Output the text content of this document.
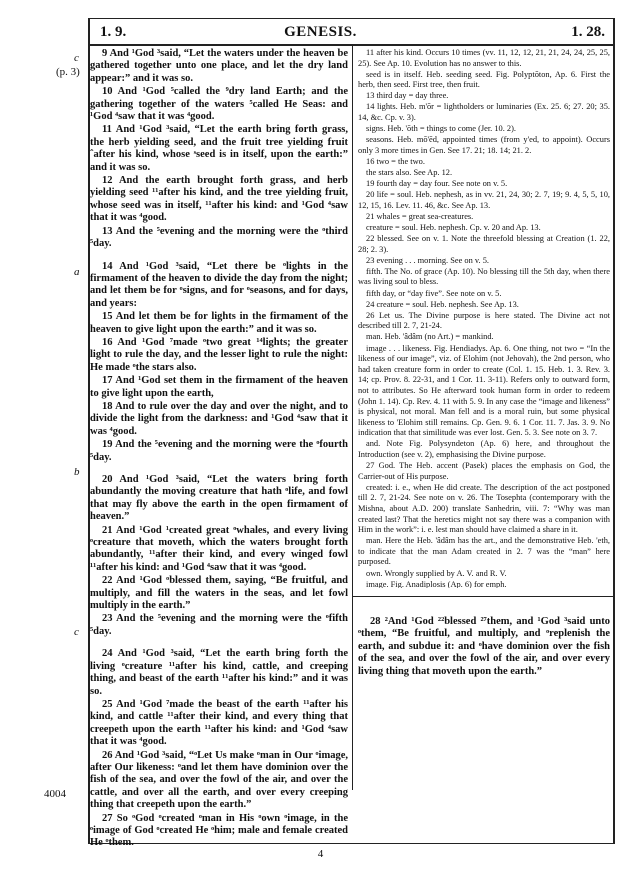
1. 9.	GENESIS.	1. 28.
c
(p. 3)
a
b
c
4004

9 And ¹God ³said, “Let the waters under the heaven be gathered together unto one place, and let the dry land appear:” and it was so.

10 And ¹God ⁵called the ⁹dry land Earth; and the gathering together of the waters ⁵called He Seas: and ¹God ⁴saw that it was ⁴good.

11 And ¹God ³said, “Let the earth bring forth grass, the herb yielding seed, and the fruit tree yielding fruit ˆafter his kind, whose ˢseed is in itself, upon the earth:” and it was so.

12 And the earth brought forth grass, and herb yielding seed ¹¹after his kind, and the tree yielding fruit, whose seed was in itself, ¹¹after his kind: and ¹God ⁴saw that it was ⁴good.

13 And the ⁵evening and the morning were the ᵒthird ⁵day.

14 And ¹God ³said, “Let there be ᵒlights in the firmament of the heaven to divide the day from the night; and let them be for ᵒsigns, and for ᵒseasons, and for days, and years:

15 And let them be for lights in the firmament of the heaven to give light upon the earth:” and it was so.

16 And ¹God ⁷made ᵒtwo great ¹⁴lights; the greater light to rule the day, and the lesser light to rule the night: He made ᵒthe stars also.

17 And ¹God set them in the firmament of the heaven to give light upon the earth,

18 And to rule over the day and over the night, and to divide the light from the darkness: and ¹God ⁴saw that it was ⁴good.

19 And the ⁵evening and the morning were the ᵒfourth ⁵day.

20 And ¹God ³said, “Let the waters bring forth abundantly the moving creature that hath ᵒlife, and fowl that may fly above the earth in the open firmament of heaven.”

21 And ¹God ¹created great ᵒwhales, and every living ᵒcreature that moveth, which the waters brought forth abundantly, ¹¹after their kind, and every winged fowl ¹¹after his kind: and ¹God ⁴saw that it was ⁴good.

22 And ¹God ᵒblessed them, saying, “Be fruitful, and multiply, and fill the waters in the seas, and let fowl multiply in the earth.”

23 And the ⁵evening and the morning were the ᵒfifth ⁵day.

24 And ¹God ³said, “Let the earth bring forth the living ᵒcreature ¹¹after his kind, cattle, and creeping thing, and beast of the earth ¹¹after his kind:” and it was so.

25 And ¹God ⁷made the beast of the earth ¹¹after his kind, and cattle ¹¹after their kind, and every thing that creepeth upon the earth ¹¹after his kind: and ¹God ⁴saw that it was ⁴good.

26 And ¹God ³said, “ᵒLet Us make ᵒman in Our ᵒimage, after Our likeness: ᵒand let them have dominion over the fish of the sea, and over the fowl of the air, and over the cattle, and over all the earth, and over every creeping thing that creepeth upon the earth.”

27 So ᵒGod ᵒcreated ᵒman in His ᵒown ᵒimage, in the ᵒimage of God ᵒcreated He ᵒhim; male and female created He ᵒthem.

11 after his kind. Occurs 10 times (vv. 11, 12, 12, 21, 21, 24, 24, 25, 25, 25). See Ap. 10. Evolution has no answer to this.

seed is in itself. Heb. seeding seed. Fig. Polyptōton, Ap. 6. First the herb, then seed. First tree, then fruit.

13 third day = day three.

14 lights. Heb. m'ōr = lightholders or luminaries (Ex. 25. 6; 27. 20; 35. 14, &c. Cp. v. 3).

signs. Heb. 'ōth = things to come (Jer. 10. 2).

seasons. Heb. mō'ēd, appointed times (from y'ed, to appoint). Occurs only 3 more times in Gen. See 17. 21; 18. 14; 21. 2.

16 two = the two.

the stars also. See Ap. 12.

19 fourth day = day four. See note on v. 5.

20 life = soul. Heb. nephesh, as in vv. 21, 24, 30; 2. 7, 19; 9. 4, 5, 5, 10, 12, 15, 16. Lev. 11. 46, &c. See Ap. 13.

21 whales = great sea-creatures.

creature = soul. Heb. nephesh. Cp. v. 20 and Ap. 13.

22 blessed. See on v. 1. Note the threefold blessing at Creation (1. 22, 28; 2. 3).

23 evening . . . morning. See on v. 5.

fifth. The No. of grace (Ap. 10). No blessing till the 5th day, when there was living soul to bless.

fifth day, or “day five”. See note on v. 5.

24 creature = soul. Heb. nephesh. See Ap. 13.

26 Let us. The Divine purpose is here stated. The Divine act not described till 2. 7, 21-24.

man. Heb. 'âdâm (no Art.) = mankind.

image . . . likeness. Fig. Hendiadys. Ap. 6. One thing, not two = “In the likeness of our image”, viz. of Elohim (not Jehovah), the 2nd person, who had taken creature form in order to create (Col. 1. 15. Heb. 1. 3. Rev. 3. 14; cp. Prov. 8. 22-31, and 1 Cor. 11. 3-11). Refers only to outward form, not to attributes. So He afterward took human form in order to redeem (John 1. 14). Cp. Rev. 4. 11 with 5. 9. In any case the “image and likeness” is physical, not moral. Man fell and is a moral ruin, but some physical likeness to 'Elohim still remains. Cp. Gen. 9. 6. 1 Cor. 11. 7. Jas. 3. 9. No indication that that similitude was ever lost. Gen. 5. 3. See note on 3. 7.

and. Note Fig. Polysyndeton (Ap. 6) here, and throughout the Introduction (see v. 2), emphasising the Divine purpose.

27 God. The Heb. accent (Pasek) places the emphasis on God, the Carrier-out of His purpose.

created: i. e., when He did create. The description of the act postponed till 2. 7, 21-24. See note on v. 26. The Tosephta (contemporary with the Mishna, about A.D. 200) translate Sanhedrin, viii. 7: “Why was man created last? That the heretics might not say there was a companion with Him in the work”: i. e. lest man should have claimed a share in it.

man. Here the Heb. 'âdâm has the art., and the demonstrative Heb. 'eth, to indicate that the man Adam created in 2. 7 was the “man” here purposed.

own. Wrongly supplied by A. V. and R. V.

image. Fig. Anadiplosis (Ap. 6) for emph.

28 ²And ¹God ²²blessed ²⁷them, and ¹God ³said unto ᵒthem, “Be fruitful, and multiply, and ᵒreplenish the earth, and subdue it: and ᵒhave dominion over the fish of the sea, and over the fowl of the air, and over every living thing that moveth upon the earth.”

4
